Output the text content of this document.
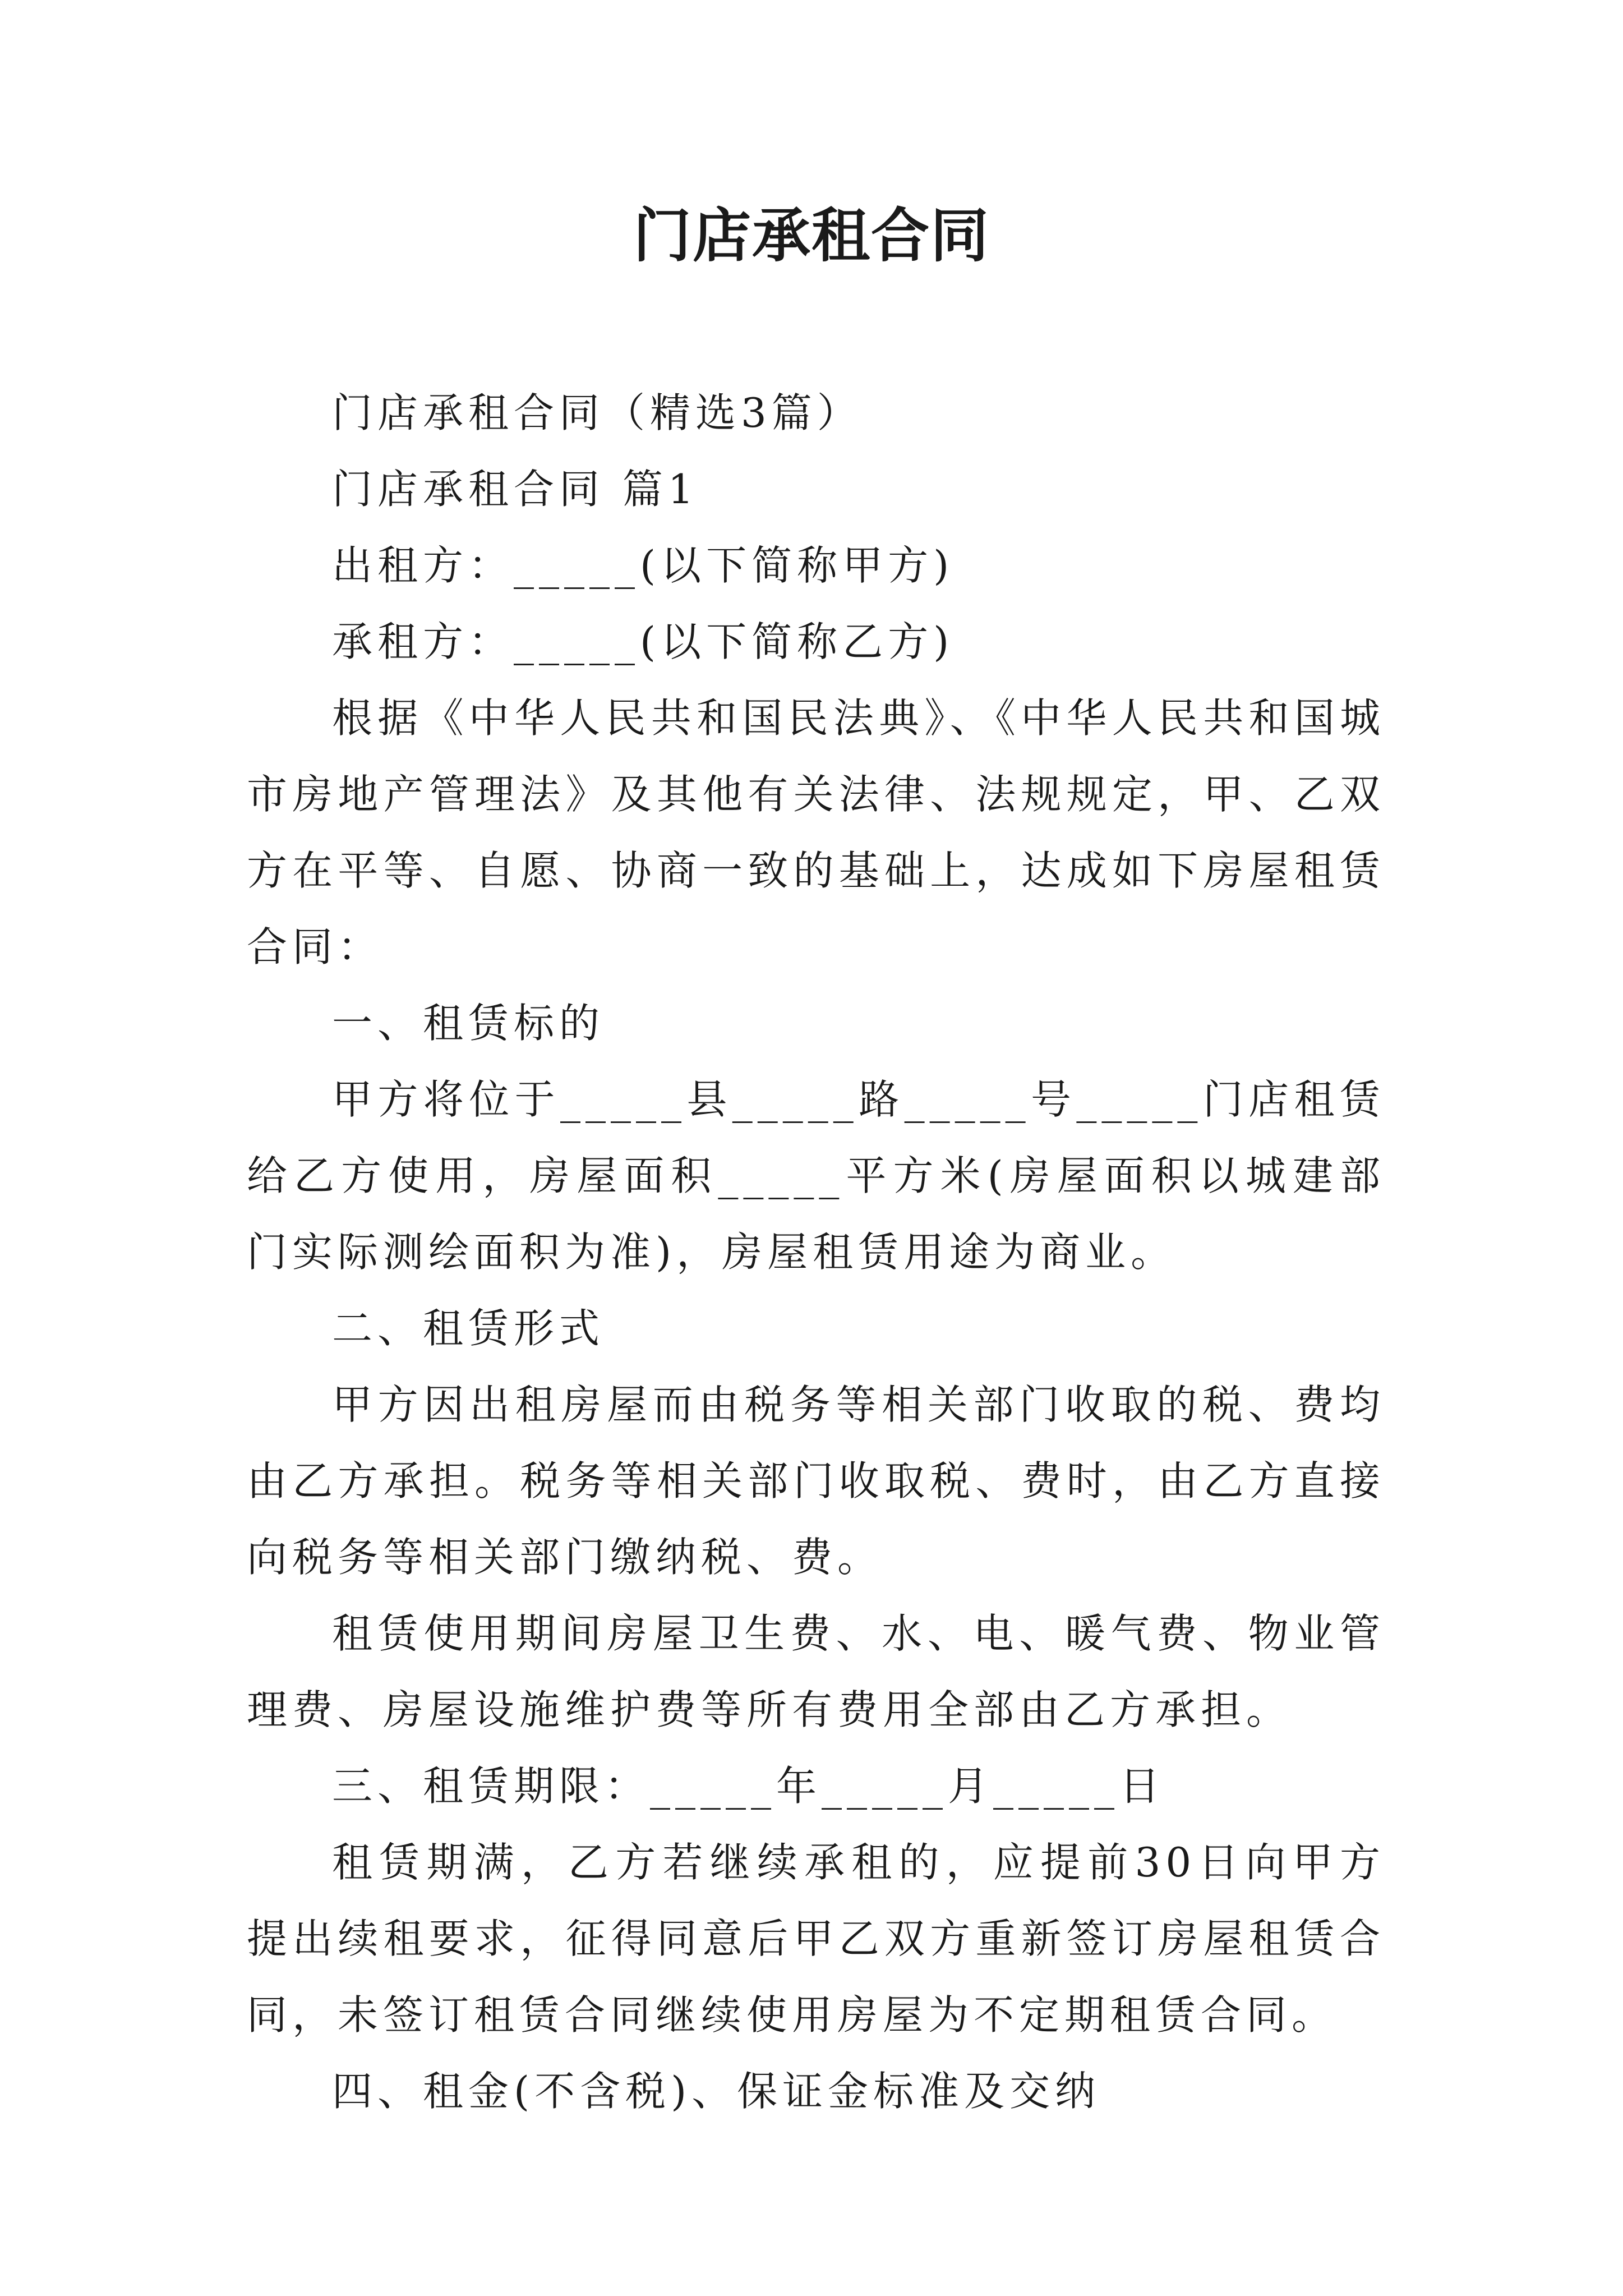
门店承租合同

门店承租合同（精选3篇）

门店承租合同 篇1

出租方：_____(以下简称甲方)

承租方：_____(以下简称乙方)

根据《中华人民共和国民法典》、《中华人民共和国城市房地产管理法》及其他有关法律、法规规定，甲、乙双方在平等、自愿、协商一致的基础上，达成如下房屋租赁合同：

一、租赁标的

甲方将位于_____县_____路_____号_____门店租赁给乙方使用，房屋面积_____平方米(房屋面积以城建部门实际测绘面积为准)，房屋租赁用途为商业。

二、租赁形式

甲方因出租房屋而由税务等相关部门收取的税、费均由乙方承担。税务等相关部门收取税、费时，由乙方直接向税务等相关部门缴纳税、费。

租赁使用期间房屋卫生费、水、电、暖气费、物业管理费、房屋设施维护费等所有费用全部由乙方承担。

三、租赁期限：_____年_____月_____日

租赁期满，乙方若继续承租的，应提前30日向甲方提出续租要求，征得同意后甲乙双方重新签订房屋租赁合同，未签订租赁合同继续使用房屋为不定期租赁合同。

四、租金(不含税)、保证金标准及交纳
